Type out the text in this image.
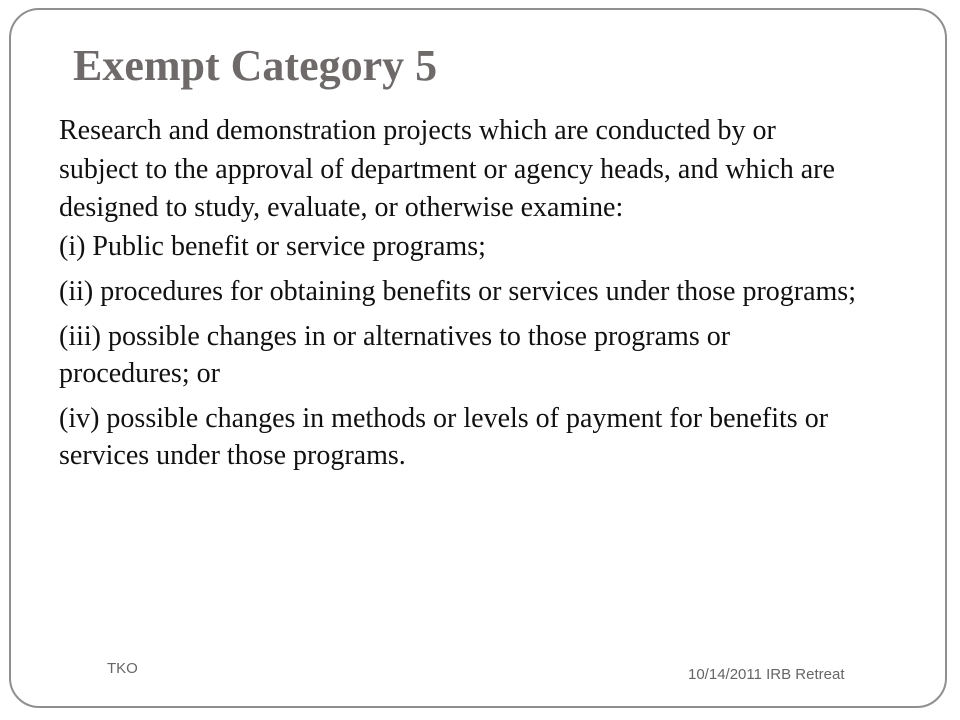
Exempt Category 5

Research and demonstration projects which are conducted by or subject to the approval of department or agency heads, and which are designed to study, evaluate, or otherwise examine:

(i) Public benefit or service programs;

(ii) procedures for obtaining benefits or services under those programs;

(iii) possible changes in or alternatives to those programs or procedures; or

(iv) possible changes in methods or levels of payment for benefits or services under those programs.

TKO	10/14/2011 IRB Retreat
